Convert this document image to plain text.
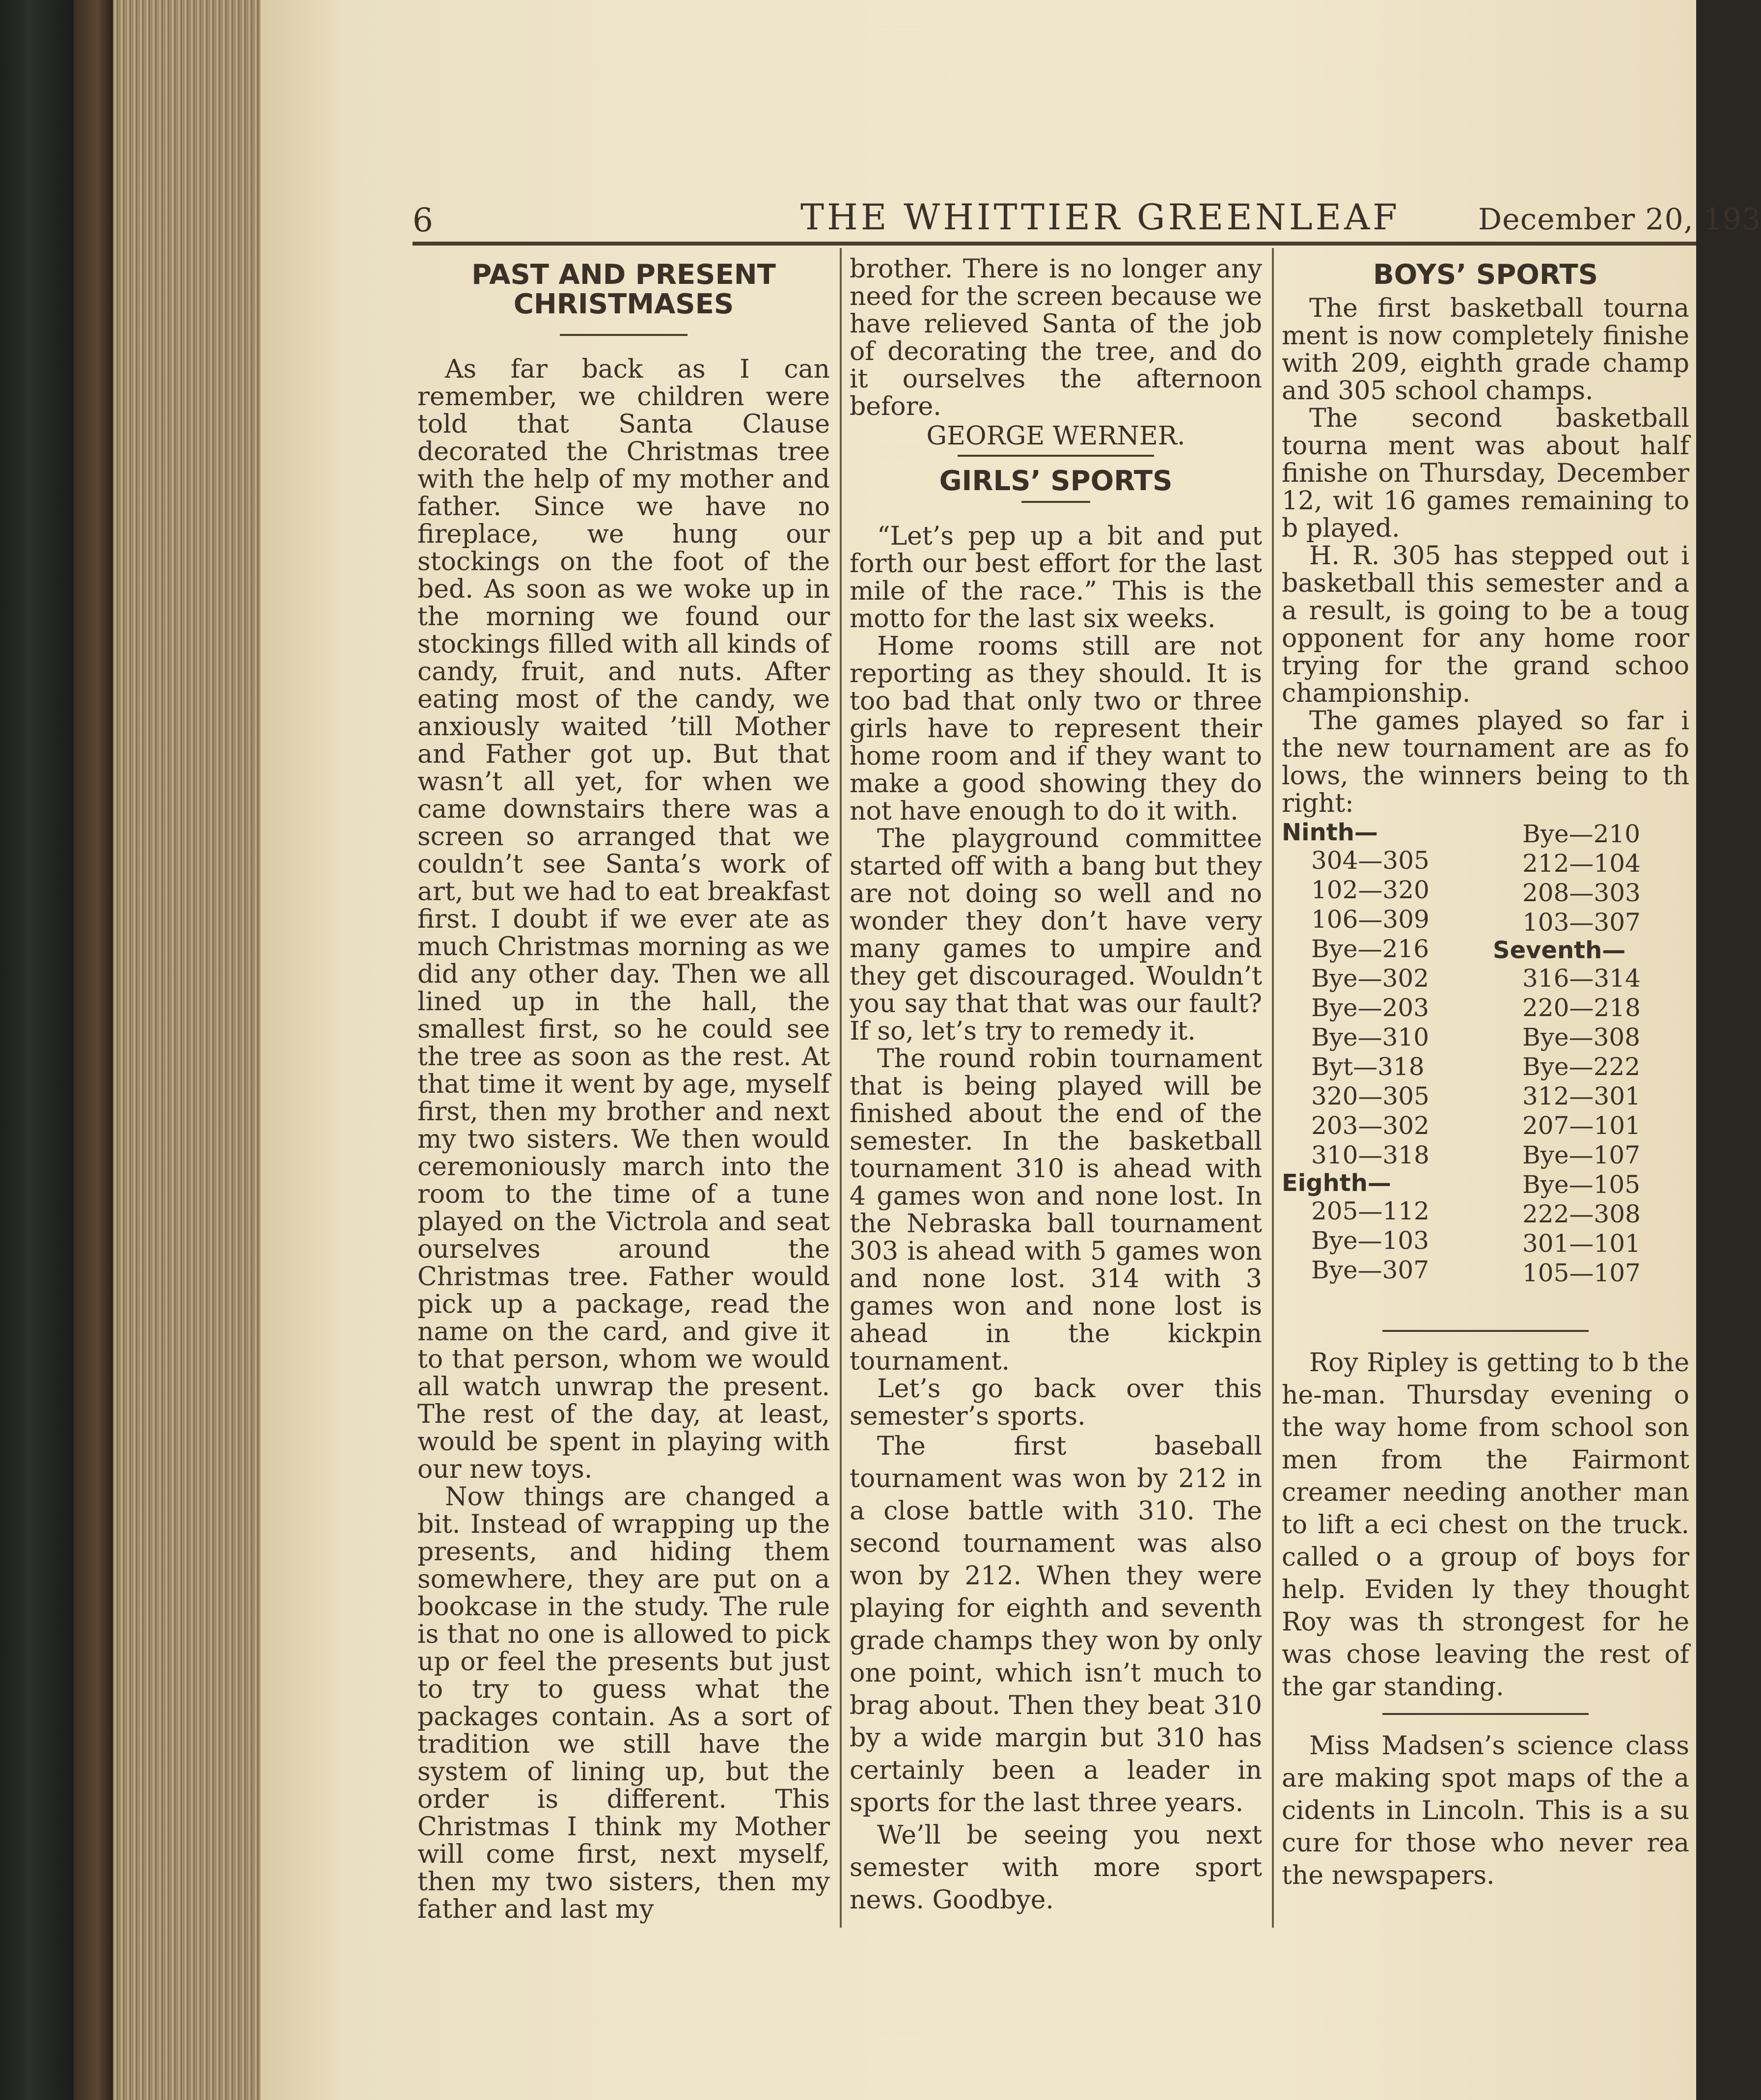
6	THE WHITTIER GREENLEAF	December 20, 193
PAST AND PRESENT
CHRISTMASES

As far back as I can remember, we children were told that Santa Clause decorated the Christmas tree with the help of my mother and father. Since we have no fireplace, we hung our stockings on the foot of the bed. As soon as we woke up in the morning we found our stockings filled with all kinds of candy, fruit, and nuts. After eating most of the candy, we anxiously waited ’till Mother and Father got up. But that wasn’t all yet, for when we came downstairs there was a screen so arranged that we couldn’t see Santa’s work of art, but we had to eat breakfast first. I doubt if we ever ate as much Christmas morning as we did any other day. Then we all lined up in the hall, the smallest first, so he could see the tree as soon as the rest. At that time it went by age, myself first, then my brother and next my two sisters. We then would ceremoniously march into the room to the time of a tune played on the Victrola and seat ourselves around the Christmas tree. Father would pick up a package, read the name on the card, and give it to that person, whom we would all watch unwrap the present. The rest of the day, at least, would be spent in playing with our new toys.

Now things are changed a bit. Instead of wrapping up the presents, and hiding them somewhere, they are put on a bookcase in the study. The rule is that no one is allowed to pick up or feel the presents but just to try to guess what the packages contain. As a sort of tradition we still have the system of lining up, but the order is different. This Christmas I think my Mother will come first, next myself, then my two sisters, then my father and last my

brother. There is no longer any need for the screen because we have relieved Santa of the job of decorating the tree, and do it ourselves the afternoon before.

GEORGE WERNER.
GIRLS’ SPORTS

“Let’s pep up a bit and put forth our best effort for the last mile of the race.” This is the motto for the last six weeks.

Home rooms still are not reporting as they should. It is too bad that only two or three girls have to represent their home room and if they want to make a good showing they do not have enough to do it with.

The playground committee started off with a bang but they are not doing so well and no wonder they don’t have very many games to umpire and they get discouraged. Wouldn’t you say that that was our fault? If so, let’s try to remedy it.

The round robin tournament that is being played will be finished about the end of the semester. In the basketball tournament 310 is ahead with 4 games won and none lost. In the Nebraska ball tournament 303 is ahead with 5 games won and none lost. 314 with 3 games won and none lost is ahead in the kickpin tournament.

Let’s go back over this semester’s sports.

The first baseball tournament was won by 212 in a close battle with 310. The second tournament was also won by 212. When they were playing for eighth and seventh grade champs they won by only one point, which isn’t much to brag about. Then they beat 310 by a wide margin but 310 has certainly been a leader in sports for the last three years.

We’ll be seeing you next semester with more sport news. Goodbye.

BOYS’ SPORTS

The first basketball tourna ment is now completely finishe with 209, eighth grade champ and 305 school champs.

The second basketball tourna ment was about half finishe on Thursday, December 12, wit 16 games remaining to b played.

H. R. 305 has stepped out i basketball this semester and a a result, is going to be a toug opponent for any home roor trying for the grand schoo championship.

The games played so far i the new tournament are as fo lows, the winners being to th right:

Ninth—
304—305
102—320
106—309
Bye—216
Bye—302
Bye—203
Bye—310
Byt—318
320—305
203—302
310—318
Eighth—
205—112
Bye—103
Bye—307
Bye—210
212—104
208—303
103—307
Seventh—
316—314
220—218
Bye—308
Bye—222
312—301
207—101
Bye—107
Bye—105
222—308
301—101
105—107

Roy Ripley is getting to b the he-man. Thursday evening o the way home from school son men from the Fairmont creamer needing another man to lift a eci chest on the truck. called o a group of boys for help. Eviden ly they thought Roy was th strongest for he was chose leaving the rest of the gar standing.

Miss Madsen’s science class are making spot maps of the a cidents in Lincoln. This is a su cure for those who never rea the newspapers.
